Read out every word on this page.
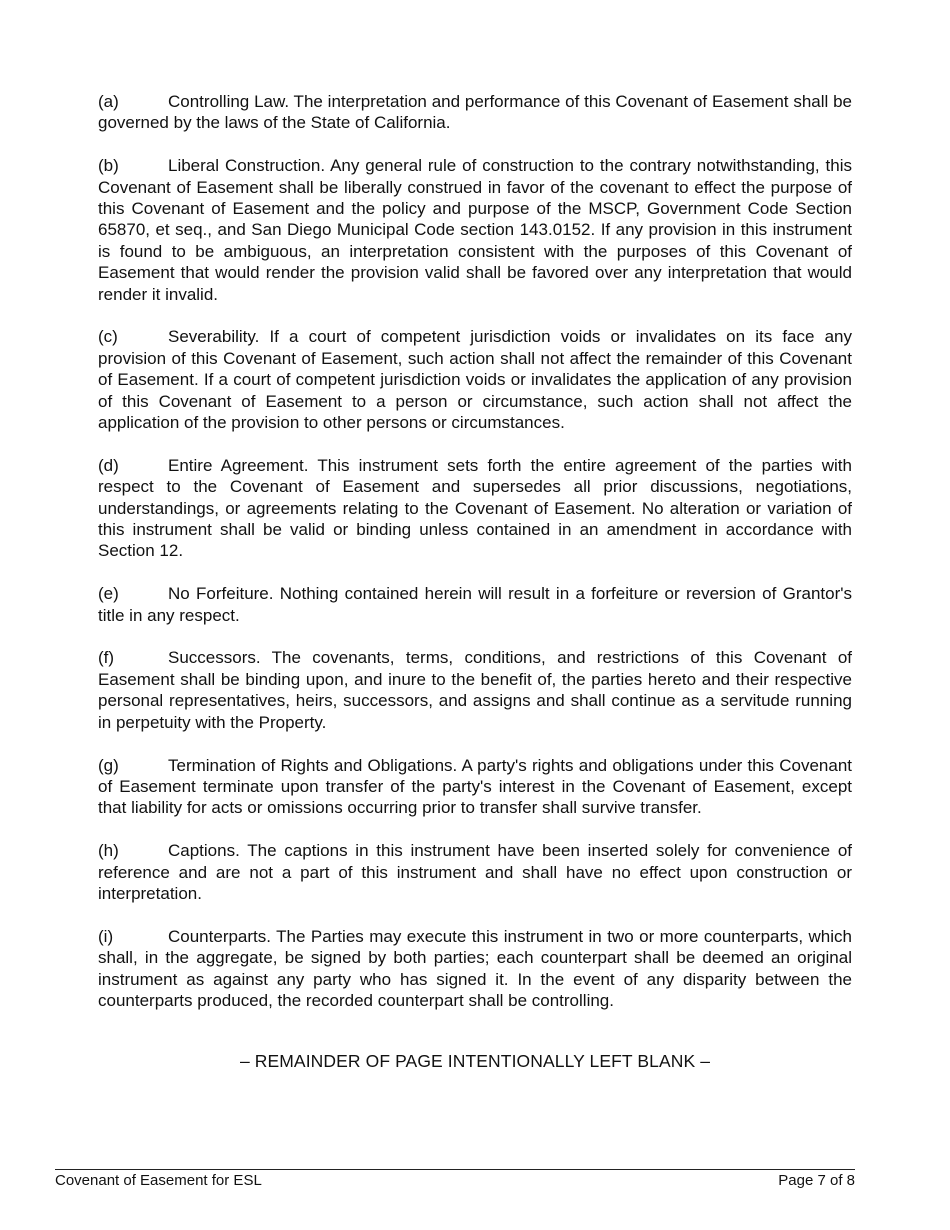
(a)	Controlling Law. The interpretation and performance of this Covenant of Easement shall be governed by the laws of the State of California.

(b)	Liberal Construction. Any general rule of construction to the contrary notwithstanding, this Covenant of Easement shall be liberally construed in favor of the covenant to effect the purpose of this Covenant of Easement and the policy and purpose of the MSCP, Government Code Section 65870, et seq., and San Diego Municipal Code section 143.0152. If any provision in this instrument is found to be ambiguous, an interpretation consistent with the purposes of this Covenant of Easement that would render the provision valid shall be favored over any interpretation that would render it invalid.

(c)	Severability. If a court of competent jurisdiction voids or invalidates on its face any provision of this Covenant of Easement, such action shall not affect the remainder of this Covenant of Easement. If a court of competent jurisdiction voids or invalidates the application of any provision of this Covenant of Easement to a person or circumstance, such action shall not affect the application of the provision to other persons or circumstances.

(d)	Entire Agreement. This instrument sets forth the entire agreement of the parties with respect to the Covenant of Easement and supersedes all prior discussions, negotiations, understandings, or agreements relating to the Covenant of Easement. No alteration or variation of this instrument shall be valid or binding unless contained in an amendment in accordance with Section 12.

(e)	No Forfeiture. Nothing contained herein will result in a forfeiture or reversion of Grantor's title in any respect.

(f)	Successors. The covenants, terms, conditions, and restrictions of this Covenant of Easement shall be binding upon, and inure to the benefit of, the parties hereto and their respective personal representatives, heirs, successors, and assigns and shall continue as a servitude running in perpetuity with the Property.

(g)	Termination of Rights and Obligations. A party's rights and obligations under this Covenant of Easement terminate upon transfer of the party's interest in the Covenant of Easement, except that liability for acts or omissions occurring prior to transfer shall survive transfer.

(h)	Captions. The captions in this instrument have been inserted solely for convenience of reference and are not a part of this instrument and shall have no effect upon construction or interpretation.

(i)	Counterparts. The Parties may execute this instrument in two or more counterparts, which shall, in the aggregate, be signed by both parties; each counterpart shall be deemed an original instrument as against any party who has signed it. In the event of any disparity between the counterparts produced, the recorded counterpart shall be controlling.

– REMAINDER OF PAGE INTENTIONALLY LEFT BLANK –
Covenant of Easement for ESL	Page 7 of 8
